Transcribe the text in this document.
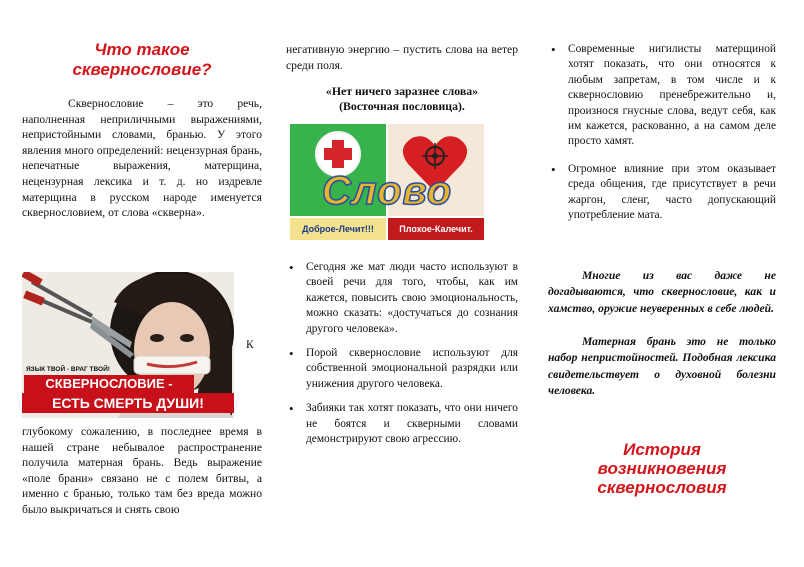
Что такое
сквернословие?

Сквернословие – это речь, наполненная неприличными выражениями, непристойными словами, бранью. У этого явления много определений: нецензурная брань, непечатные выражения, матерщина, нецензурная лексика и т. д. но издревле матерщина в русском народе именуется сквернословием, от слова «скверна».

ЯЗЫК ТВОЙ - ВРАГ ТВОЙ!
СКВЕРНОСЛОВИЕ -
ЕСТЬ СМЕРТЬ ДУШИ!
К

глубокому сожалению, в последнее время в нашей стране небывалое распространение получила матерная брань. Ведь выражение «поле брани» связано не с полем битвы, а именно с бранью, только там без вреда можно было выкричаться и снять свою

негативную энергию – пустить слова на ветер среди поля.

«Нет ничего заразнее слова»
(Восточная пословица).
Слово
Доброе-Лечит!!!	Плохое-Калечит.
• Сегодня же мат люди часто используют в своей речи для того, чтобы, как им кажется, повысить свою эмоциональность, можно сказать: «достучаться до сознания другого человека».
• Порой сквернословие используют для собственной эмоциональной разрядки или унижения другого человека.
• Забияки так хотят показать, что они ничего не боятся и скверными словами демонстрируют свою агрессию.
• Современные нигилисты матерщиной хотят показать, что они относятся к любым запретам, в том числе и к сквернословию пренебрежительно и, произнося гнусные слова, ведут себя, как им кажется, раскованно, а на самом деле просто хамят.
• Огромное влияние при этом оказывает среда общения, где присутствует в речи жаргон, сленг, часто допускающий употребление мата.

Многие из вас даже не догадываются, что сквернословие, как и хамство, оружие неуверенных в себе людей.

Матерная брань это не только набор непристойностей. Подобная лексика свидетельствует о духовной болезни человека.

История
возникновения
сквернословия
